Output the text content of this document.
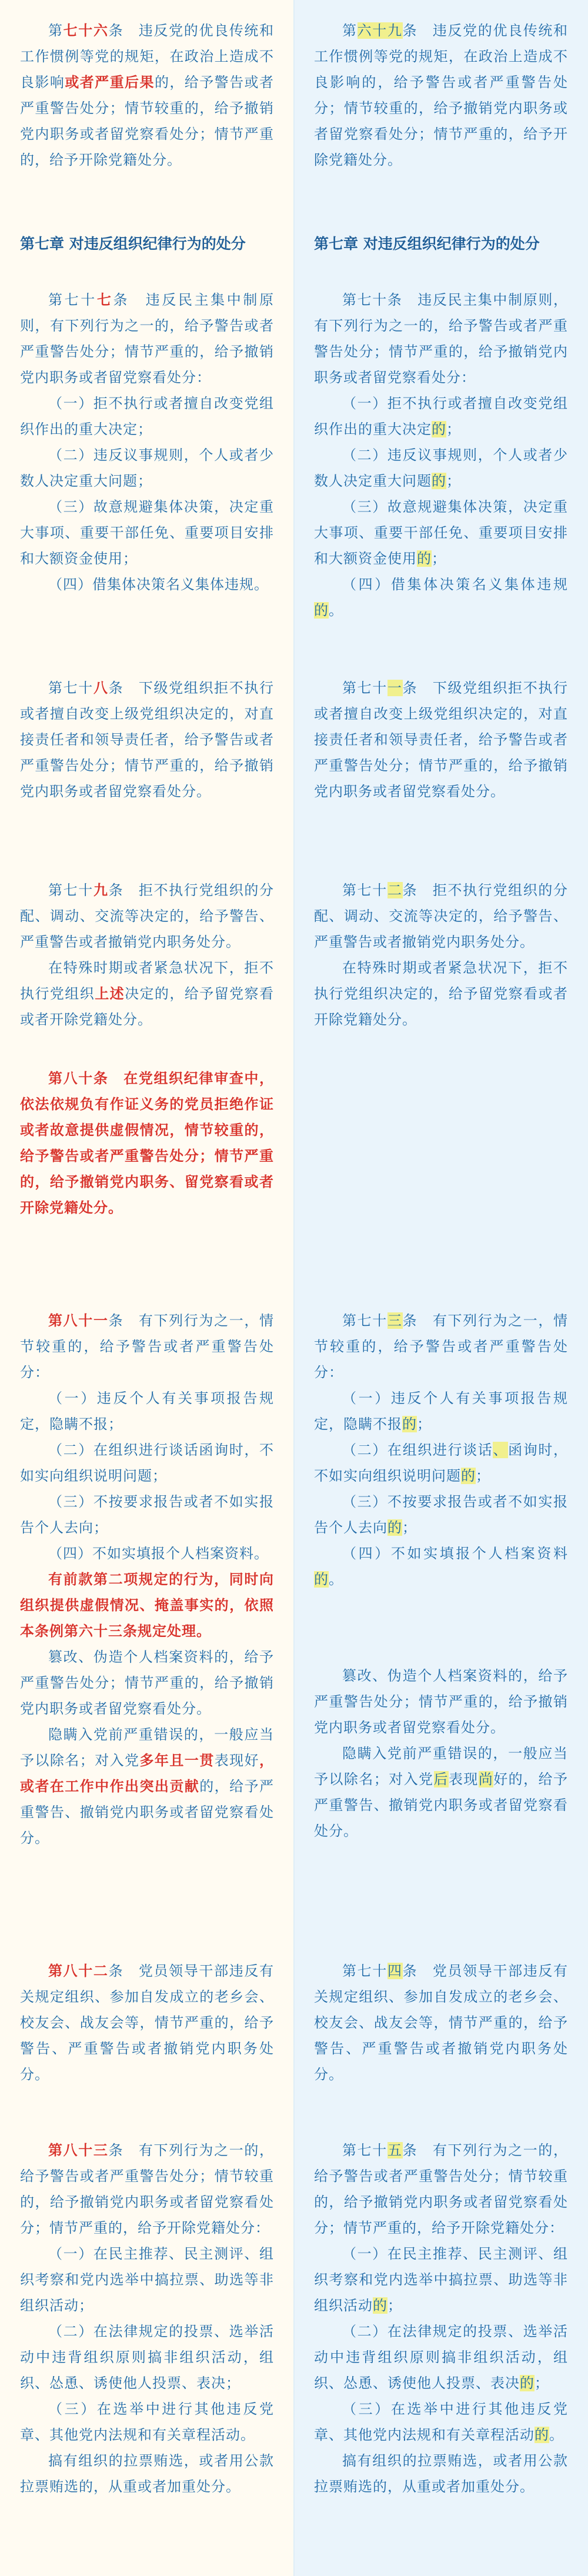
第七十六条　违反党的优良传统和工作惯例等党的规矩，在政治上造成不良影响或者严重后果的，给予警告或者严重警告处分；情节较重的，给予撤销党内职务或者留党察看处分；情节严重的，给予开除党籍处分。

第七章 对违反组织纪律行为的处分

第七十七条　违反民主集中制原则，有下列行为之一的，给予警告或者严重警告处分；情节严重的，给予撤销党内职务或者留党察看处分：

（一）拒不执行或者擅自改变党组织作出的重大决定；

（二）违反议事规则，个人或者少数人决定重大问题；

（三）故意规避集体决策，决定重大事项、重要干部任免、重要项目安排和大额资金使用；

（四）借集体决策名义集体违规。

第七十八条　下级党组织拒不执行或者擅自改变上级党组织决定的，对直接责任者和领导责任者，给予警告或者严重警告处分；情节严重的，给予撤销党内职务或者留党察看处分。

第七十九条　拒不执行党组织的分配、调动、交流等决定的，给予警告、严重警告或者撤销党内职务处分。

在特殊时期或者紧急状况下，拒不执行党组织上述决定的，给予留党察看或者开除党籍处分。

第八十条　在党组织纪律审查中，依法依规负有作证义务的党员拒绝作证或者故意提供虚假情况，情节较重的，给予警告或者严重警告处分；情节严重的，给予撤销党内职务、留党察看或者开除党籍处分。

第八十一条　有下列行为之一，情节较重的，给予警告或者严重警告处分：

（一）违反个人有关事项报告规定，隐瞒不报；

（二）在组织进行谈话函询时，不如实向组织说明问题；

（三）不按要求报告或者不如实报告个人去向；

（四）不如实填报个人档案资料。

有前款第二项规定的行为，同时向组织提供虚假情况、掩盖事实的，依照本条例第六十三条规定处理。

篡改、伪造个人档案资料的，给予严重警告处分；情节严重的，给予撤销党内职务或者留党察看处分。

隐瞒入党前严重错误的，一般应当予以除名；对入党多年且一贯表现好，或者在工作中作出突出贡献的，给予严重警告、撤销党内职务或者留党察看处分。

第八十二条　党员领导干部违反有关规定组织、参加自发成立的老乡会、校友会、战友会等，情节严重的，给予警告、严重警告或者撤销党内职务处分。

第八十三条　有下列行为之一的，给予警告或者严重警告处分；情节较重的，给予撤销党内职务或者留党察看处分；情节严重的，给予开除党籍处分：

（一）在民主推荐、民主测评、组织考察和党内选举中搞拉票、助选等非组织活动；

（二）在法律规定的投票、选举活动中违背组织原则搞非组织活动，组织、怂恿、诱使他人投票、表决；

（三）在选举中进行其他违反党章、其他党内法规和有关章程活动。

搞有组织的拉票贿选，或者用公款拉票贿选的，从重或者加重处分。

第六十九条　违反党的优良传统和工作惯例等党的规矩，在政治上造成不良影响的，给予警告或者严重警告处分；情节较重的，给予撤销党内职务或者留党察看处分；情节严重的，给予开除党籍处分。

第七章 对违反组织纪律行为的处分

第七十条　违反民主集中制原则，有下列行为之一的，给予警告或者严重警告处分；情节严重的，给予撤销党内职务或者留党察看处分：

（一）拒不执行或者擅自改变党组织作出的重大决定的；

（二）违反议事规则，个人或者少数人决定重大问题的；

（三）故意规避集体决策，决定重大事项、重要干部任免、重要项目安排和大额资金使用的；

（四）借集体决策名义集体违规的。

第七十一条　下级党组织拒不执行或者擅自改变上级党组织决定的，对直接责任者和领导责任者，给予警告或者严重警告处分；情节严重的，给予撤销党内职务或者留党察看处分。

第七十二条　拒不执行党组织的分配、调动、交流等决定的，给予警告、严重警告或者撤销党内职务处分。

在特殊时期或者紧急状况下，拒不执行党组织决定的，给予留党察看或者开除党籍处分。

第七十三条　有下列行为之一，情节较重的，给予警告或者严重警告处分：

（一）违反个人有关事项报告规定，隐瞒不报的；

（二）在组织进行谈话、函询时，不如实向组织说明问题的；

（三）不按要求报告或者不如实报告个人去向的；

（四）不如实填报个人档案资料的。

篡改、伪造个人档案资料的，给予严重警告处分；情节严重的，给予撤销党内职务或者留党察看处分。

隐瞒入党前严重错误的，一般应当予以除名；对入党后表现尚好的，给予严重警告、撤销党内职务或者留党察看处分。

第七十四条　党员领导干部违反有关规定组织、参加自发成立的老乡会、校友会、战友会等，情节严重的，给予警告、严重警告或者撤销党内职务处分。

第七十五条　有下列行为之一的，给予警告或者严重警告处分；情节较重的，给予撤销党内职务或者留党察看处分；情节严重的，给予开除党籍处分：

（一）在民主推荐、民主测评、组织考察和党内选举中搞拉票、助选等非组织活动的；

（二）在法律规定的投票、选举活动中违背组织原则搞非组织活动，组织、怂恿、诱使他人投票、表决的；

（三）在选举中进行其他违反党章、其他党内法规和有关章程活动的。

搞有组织的拉票贿选，或者用公款拉票贿选的，从重或者加重处分。
